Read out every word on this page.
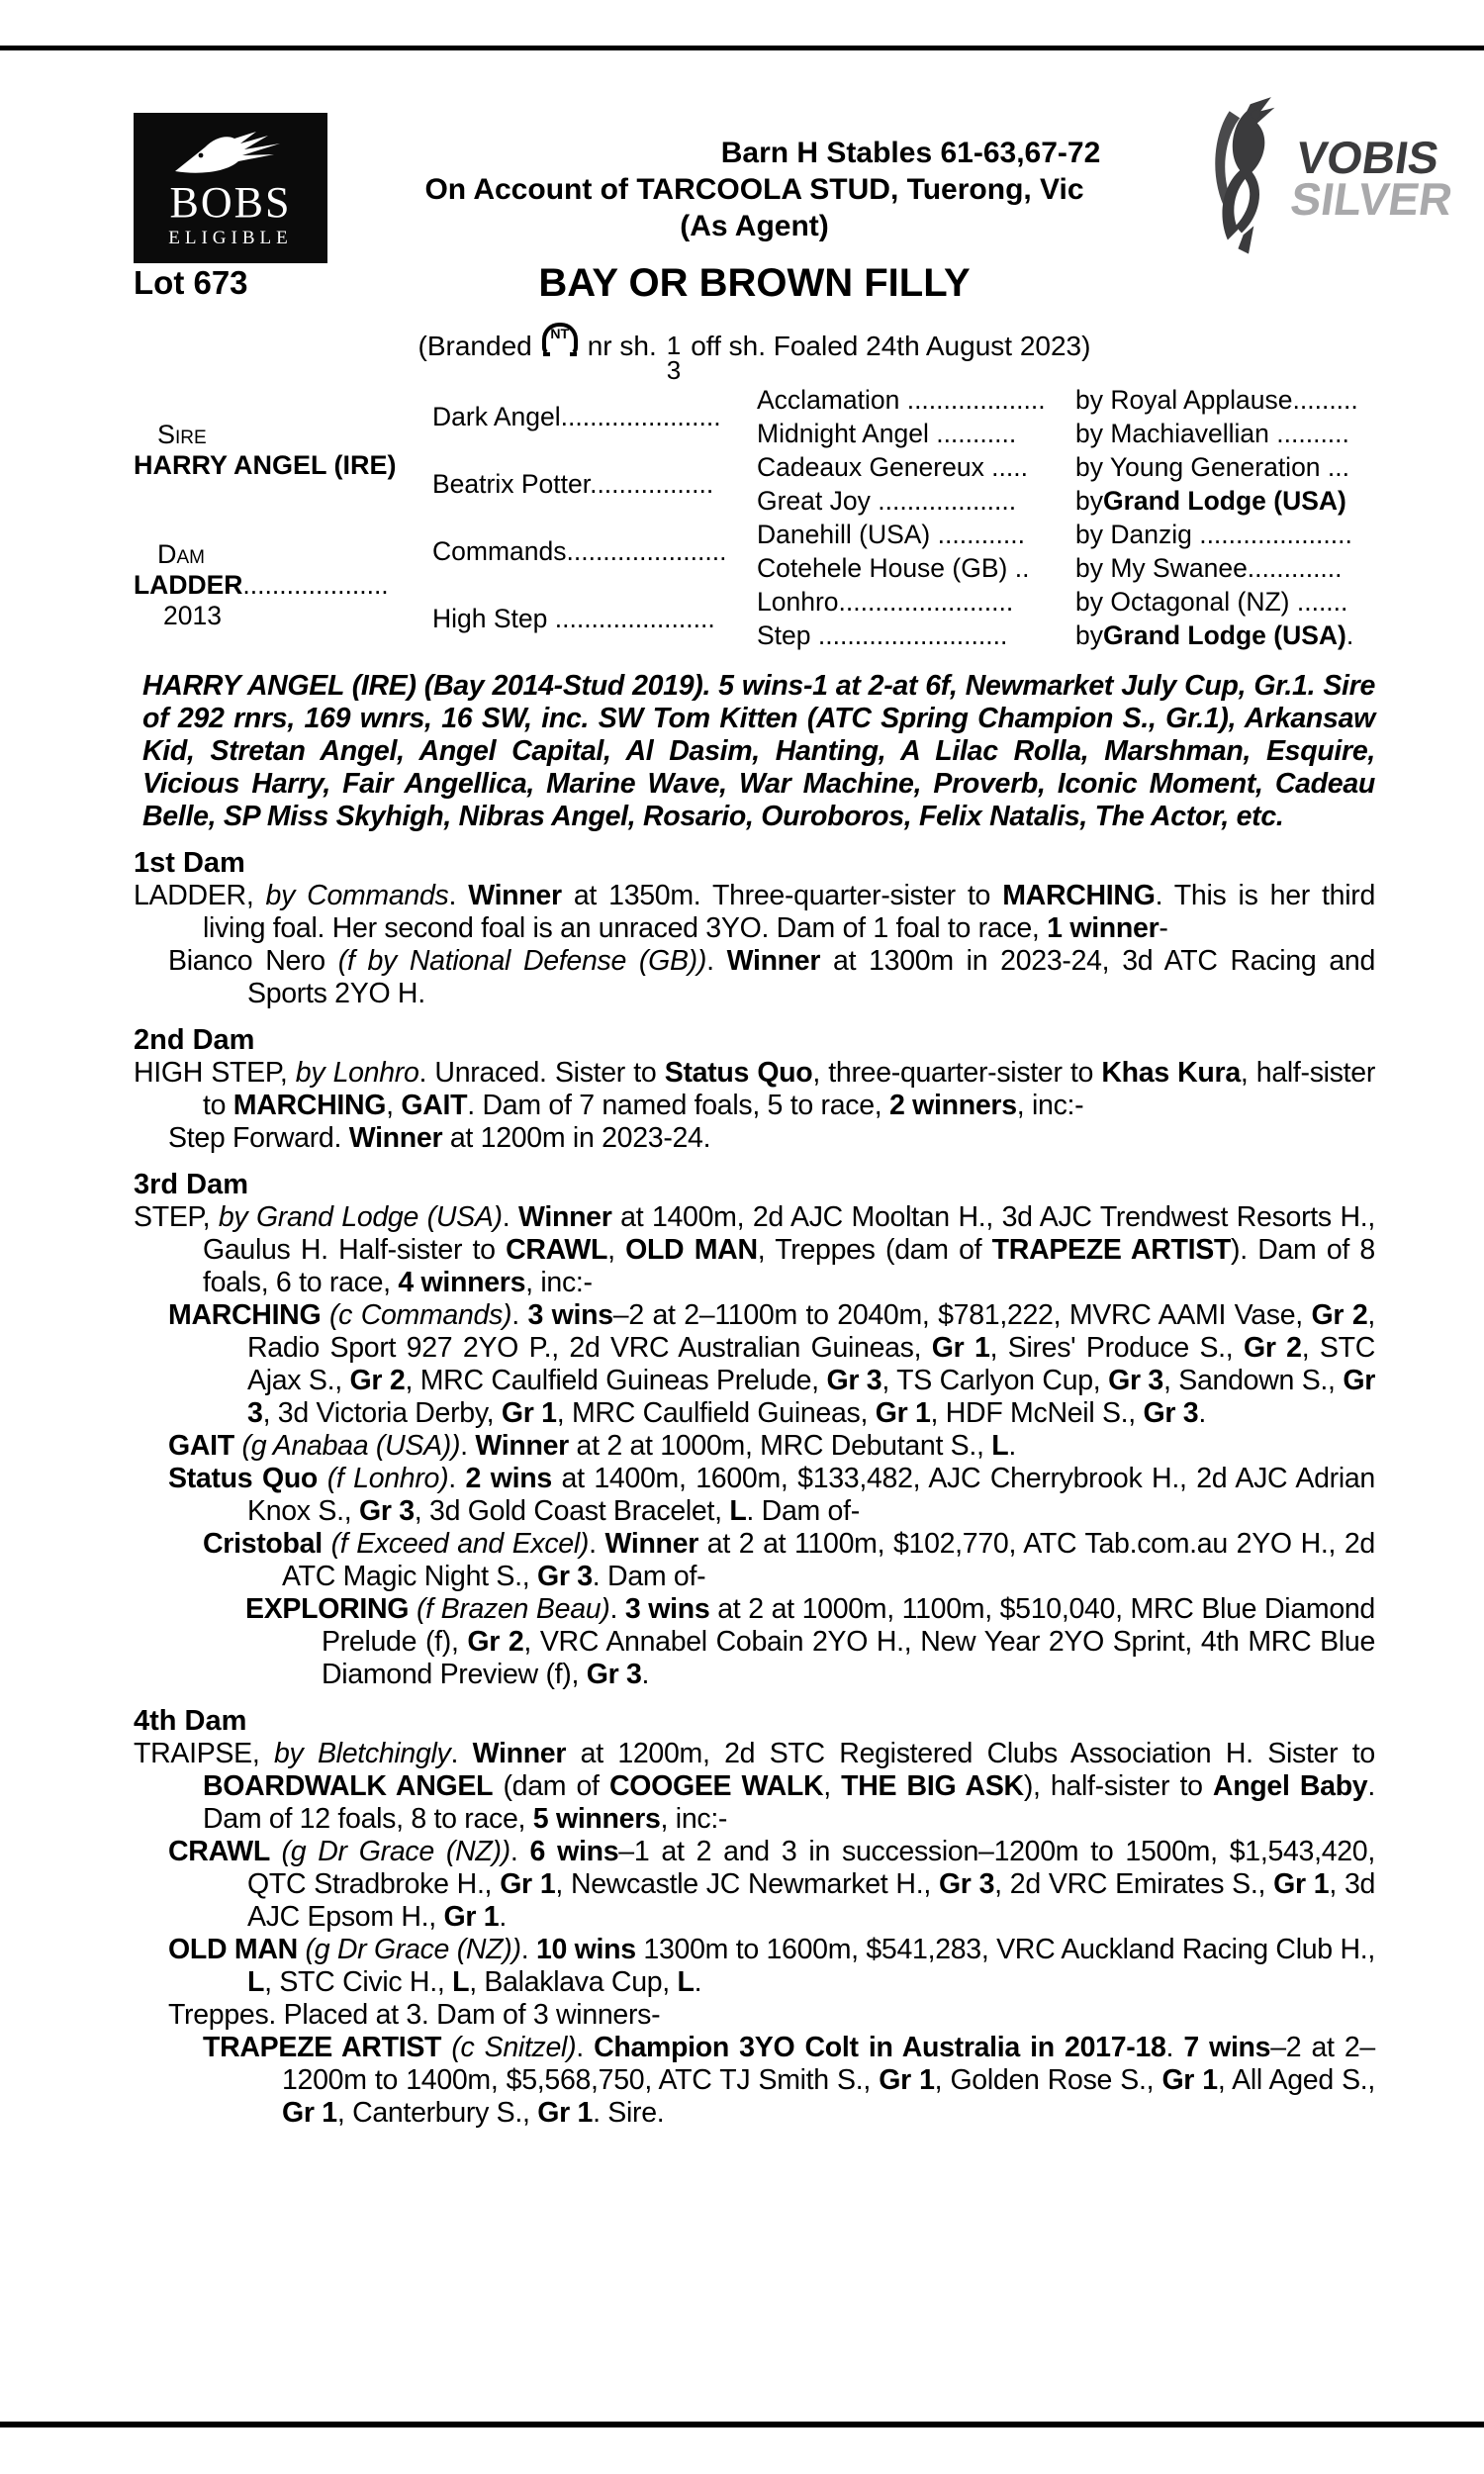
BOBS
ELIGIBLE
VOBIS
SILVER
Barn H Stables 61-63,67-72
On Account of TARCOOLA STUD, Tuerong, Vic
(As Agent)
Lot 673	BAY OR BROWN FILLY
(Branded	NT nr sh. 1
3
off sh. Foaled 24th August 2023)
Sire
HARRY ANGEL (IRE)
Dam
LADDER....................
2013
Dark Angel......................
Beatrix Potter.................
Commands......................
High Step ......................
Acclamation ...................
Midnight Angel ...........
Cadeaux Genereux .....
Great Joy ...................
Danehill (USA) ............
Cotehele House (GB) ..
Lonhro........................
Step ..........................
by Royal Applause.........
by Machiavellian ..........
by Young Generation ...
by Grand Lodge (USA)
by Danzig .....................
by My Swanee.............
by Octagonal (NZ) .......
by Grand Lodge (USA) .

HARRY ANGEL (IRE) (Bay 2014-Stud 2019). 5 wins-1 at 2-at 6f, Newmarket July Cup, Gr.1. Sire of 292 rnrs, 169 wnrs, 16 SW, inc. SW Tom Kitten (ATC Spring Champion S., Gr.1), Arkansaw Kid, Stretan Angel, Angel Capital, Al Dasim, Hanting, A Lilac Rolla, Marshman, Esquire, Vicious Harry, Fair Angellica, Marine Wave, War Machine, Proverb, Iconic Moment, Cadeau Belle, SP Miss Skyhigh, Nibras Angel, Rosario, Ouroboros, Felix Natalis, The Actor, etc.

1st Dam

LADDER, by Commands. Winner at 1350m. Three-quarter-sister to MARCHING. This is her third living foal. Her second foal is an unraced 3YO. Dam of 1 foal to race, 1 winner-

Bianco Nero (f by National Defense (GB)). Winner at 1300m in 2023-24, 3d ATC Racing and Sports 2YO H.

2nd Dam

HIGH STEP, by Lonhro. Unraced. Sister to Status Quo, three-quarter-sister to Khas Kura, half-sister to MARCHING, GAIT. Dam of 7 named foals, 5 to race, 2 winners, inc:-

Step Forward. Winner at 1200m in 2023-24.

3rd Dam

STEP, by Grand Lodge (USA). Winner at 1400m, 2d AJC Mooltan H., 3d AJC Trendwest Resorts H., Gaulus H. Half-sister to CRAWL, OLD MAN, Treppes (dam of TRAPEZE ARTIST). Dam of 8 foals, 6 to race, 4 winners, inc:-

MARCHING (c Commands). 3 wins–2 at 2–1100m to 2040m, $781,222, MVRC AAMI Vase, Gr 2, Radio Sport 927 2YO P., 2d VRC Australian Guineas, Gr 1, Sires' Produce S., Gr 2, STC Ajax S., Gr 2, MRC Caulfield Guineas Prelude, Gr 3, TS Carlyon Cup, Gr 3, Sandown S., Gr 3, 3d Victoria Derby, Gr 1, MRC Caulfield Guineas, Gr 1, HDF McNeil S., Gr 3.

GAIT (g Anabaa (USA)). Winner at 2 at 1000m, MRC Debutant S., L.

Status Quo (f Lonhro). 2 wins at 1400m, 1600m, $133,482, AJC Cherrybrook H., 2d AJC Adrian Knox S., Gr 3, 3d Gold Coast Bracelet, L. Dam of-

Cristobal (f Exceed and Excel). Winner at 2 at 1100m, $102,770, ATC Tab.com.au 2YO H., 2d ATC Magic Night S., Gr 3. Dam of-

EXPLORING (f Brazen Beau). 3 wins at 2 at 1000m, 1100m, $510,040, MRC Blue Diamond Prelude (f), Gr 2, VRC Annabel Cobain 2YO H., New Year 2YO Sprint, 4th MRC Blue Diamond Preview (f), Gr 3.

4th Dam

TRAIPSE, by Bletchingly. Winner at 1200m, 2d STC Registered Clubs Association H. Sister to BOARDWALK ANGEL (dam of COOGEE WALK, THE BIG ASK), half-sister to Angel Baby. Dam of 12 foals, 8 to race, 5 winners, inc:-

CRAWL (g Dr Grace (NZ)). 6 wins–1 at 2 and 3 in succession–1200m to 1500m, $1,543,420, QTC Stradbroke H., Gr 1, Newcastle JC Newmarket H., Gr 3, 2d VRC Emirates S., Gr 1, 3d AJC Epsom H., Gr 1.

OLD MAN (g Dr Grace (NZ)). 10 wins 1300m to 1600m, $541,283, VRC Auckland Racing Club H., L, STC Civic H., L, Balaklava Cup, L.

Treppes. Placed at 3. Dam of 3 winners-

TRAPEZE ARTIST (c Snitzel). Champion 3YO Colt in Australia in 2017-18. 7 wins–2 at 2–1200m to 1400m, $5,568,750, ATC TJ Smith S., Gr 1, Golden Rose S., Gr 1, All Aged S., Gr 1, Canterbury S., Gr 1. Sire.
